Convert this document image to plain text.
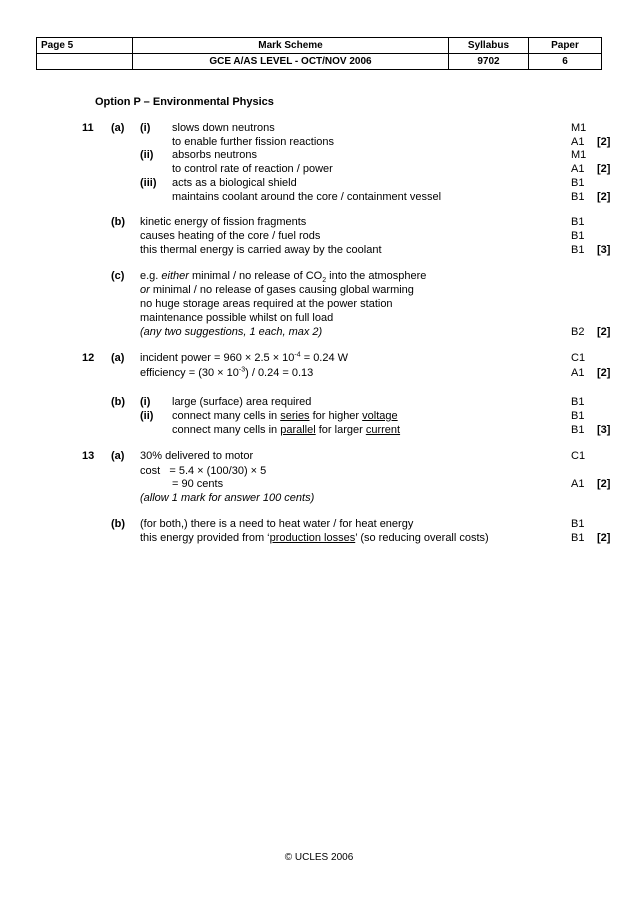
Page 5	Mark Scheme	Syllabus	Paper
	GCE A/AS LEVEL - OCT/NOV 2006	9702	6
Option P – Environmental Physics
11 (a) (i) slows down neutrons	M1
to enable further fission reactions	A1 [2]
(ii) absorbs neutrons	M1
to control rate of reaction / power	A1 [2]
(iii) acts as a biological shield	B1
maintains coolant around the core / containment vessel	B1 [2]
(b) kinetic energy of fission fragments	B1
causes heating of the core / fuel rods	B1
this thermal energy is carried away by the coolant	B1 [3]
(c) e.g. either minimal / no release of $CO_2$ into the atmosphere
or minimal / no release of gases causing global warming
no huge storage areas required at the power station
maintenance possible whilst on full load
(any two suggestions, 1 each, max 2)	B2 [2]
12 (a) incident power = $960 \times 2.5 \times 10^{-4} = 0.24$ W	C1
efficiency = $(30 \times 10^{-3}) / 0.24 = 0.13$	A1 [2]
(b) (i) large (surface) area required	B1
(ii) connect many cells in series for higher voltage	B1
connect many cells in parallel for larger current	B1 [3]
13 (a) 30% delivered to motor	C1
cost   = 5.4 × (100/30) × 5
= 90 cents	A1 [2]
(allow 1 mark for answer 100 cents)
(b) (for both,) there is a need to heat water / for heat energy	B1
this energy provided from ‘production losses’ (so reducing overall costs)	B1 [2]
© UCLES 2006
